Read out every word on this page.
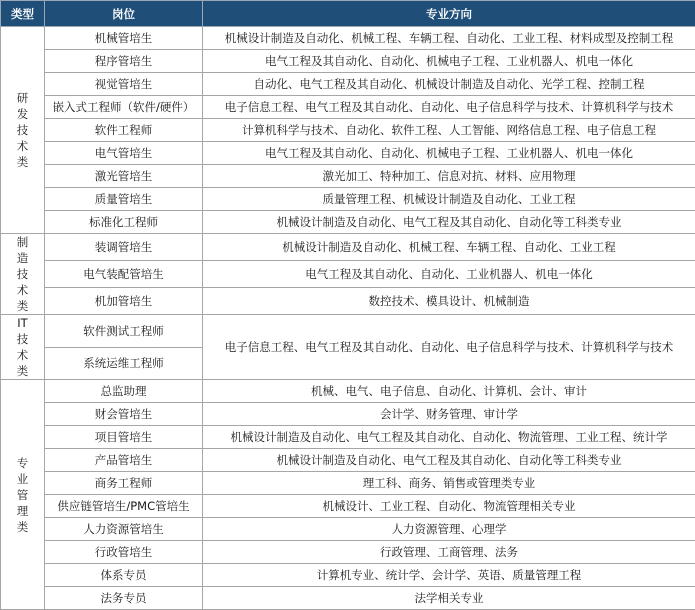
类型	岗位	专业方向
研发技术类	机械管培生	机械设计制造及自动化、机械工程、车辆工程、自动化、工业工程、材料成型及控制工程
	程序管培生	电气工程及其自动化、自动化、机械电子工程、工业机器人、机电一体化
	视觉管培生	自动化、电气工程及其自动化、机械设计制造及自动化、光学工程、控制工程
	嵌入式工程师（软件/硬件）	电子信息工程、电气工程及其自动化、自动化、电子信息科学与技术、计算机科学与技术
	软件工程师	计算机科学与技术、自动化、软件工程、人工智能、网络信息工程、电子信息工程
	电气管培生	电气工程及其自动化、自动化、机械电子工程、工业机器人、机电一体化
	激光管培生	激光加工、特种加工、信息对抗、材料、应用物理
	质量管培生	质量管理工程、机械设计制造及自动化、工业工程
	标准化工程师	机械设计制造及自动化、电气工程及其自动化、自动化等工科类专业
制造技术类	装调管培生	机械设计制造及自动化、机械工程、车辆工程、自动化、工业工程
	电气装配管培生	电气工程及其自动化、自动化、工业机器人、机电一体化
	机加管培生	数控技术、模具设计、机械制造
IT技术类	软件测试工程师	电子信息工程、电气工程及其自动化、自动化、电子信息科学与技术、计算机科学与技术
	系统运维工程师	
专业管理类	总监助理	机械、电气、电子信息、自动化、计算机、会计、审计
	财会管培生	会计学、财务管理、审计学
	项目管培生	机械设计制造及自动化、电气工程及其自动化、自动化、物流管理、工业工程、统计学
	产品管培生	机械设计制造及自动化、电气工程及其自动化、自动化等工科类专业
	商务工程师	理工科、商务、销售或管理类专业
	供应链管培生/PMC管培生	机械设计、工业工程、自动化、物流管理相关专业
	人力资源管培生	人力资源管理、心理学
	行政管培生	行政管理、工商管理、法务
	体系专员	计算机专业、统计学、会计学、英语、质量管理工程
	法务专员	法学相关专业
